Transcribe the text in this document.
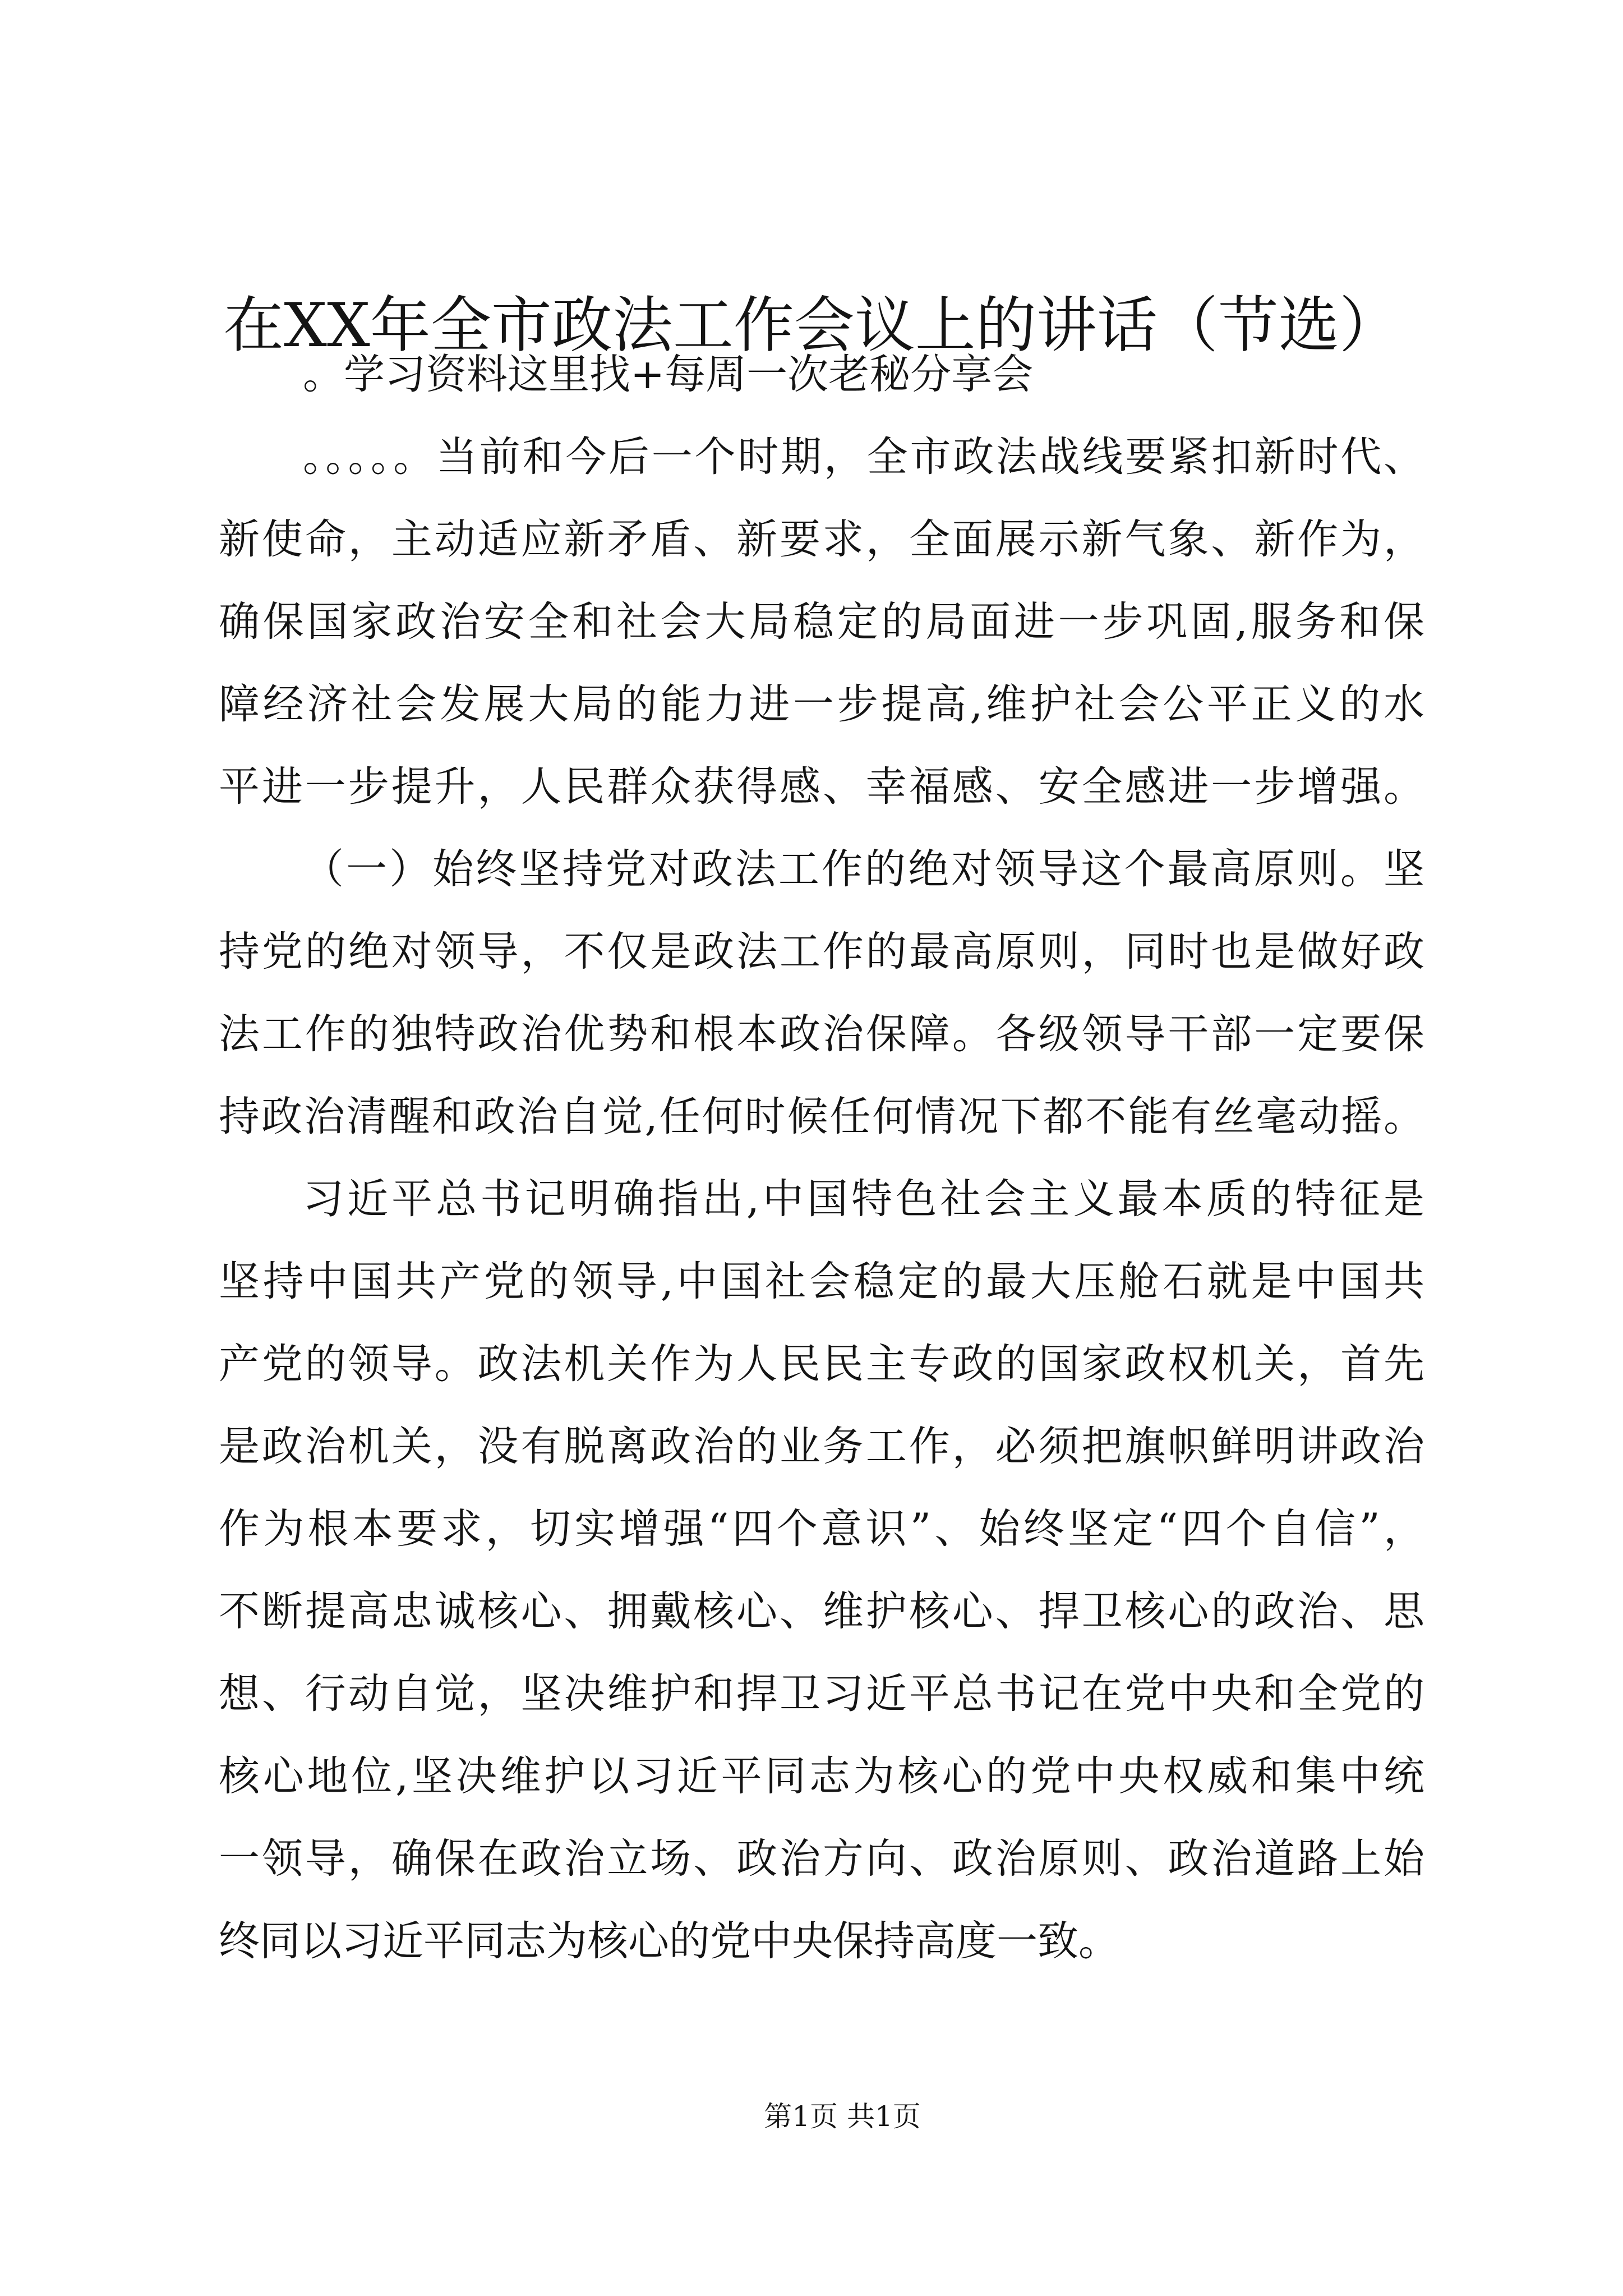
在XX年全市政法工作会议上的讲话（节选）
。学习资料这里找+每周一次老秘分享会
。。。。。当前和今后一个时期，全市政法战线要紧扣新时代、
新使命，主动适应新矛盾、新要求，全面展示新气象、新作为，
确保国家政治安全和社会大局稳定的局面进一步巩固,服务和保
障经济社会发展大局的能力进一步提高,维护社会公平正义的水
平进一步提升，人民群众获得感、幸福感、安全感进一步增强。
（一）始终坚持党对政法工作的绝对领导这个最高原则。坚
持党的绝对领导，不仅是政法工作的最高原则，同时也是做好政
法工作的独特政治优势和根本政治保障。各级领导干部一定要保
持政治清醒和政治自觉,任何时候任何情况下都不能有丝毫动摇。
习近平总书记明确指出,中国特色社会主义最本质的特征是
坚持中国共产党的领导,中国社会稳定的最大压舱石就是中国共
产党的领导。政法机关作为人民民主专政的国家政权机关，首先
是政治机关，没有脱离政治的业务工作，必须把旗帜鲜明讲政治
作为根本要求，切实增强“四个意识”、始终坚定“四个自信”，
不断提高忠诚核心、拥戴核心、维护核心、捍卫核心的政治、思
想、行动自觉，坚决维护和捍卫习近平总书记在党中央和全党的
核心地位,坚决维护以习近平同志为核心的党中央权威和集中统
一领导，确保在政治立场、政治方向、政治原则、政治道路上始
终同以习近平同志为核心的党中央保持高度一致。
第1页 共1页
